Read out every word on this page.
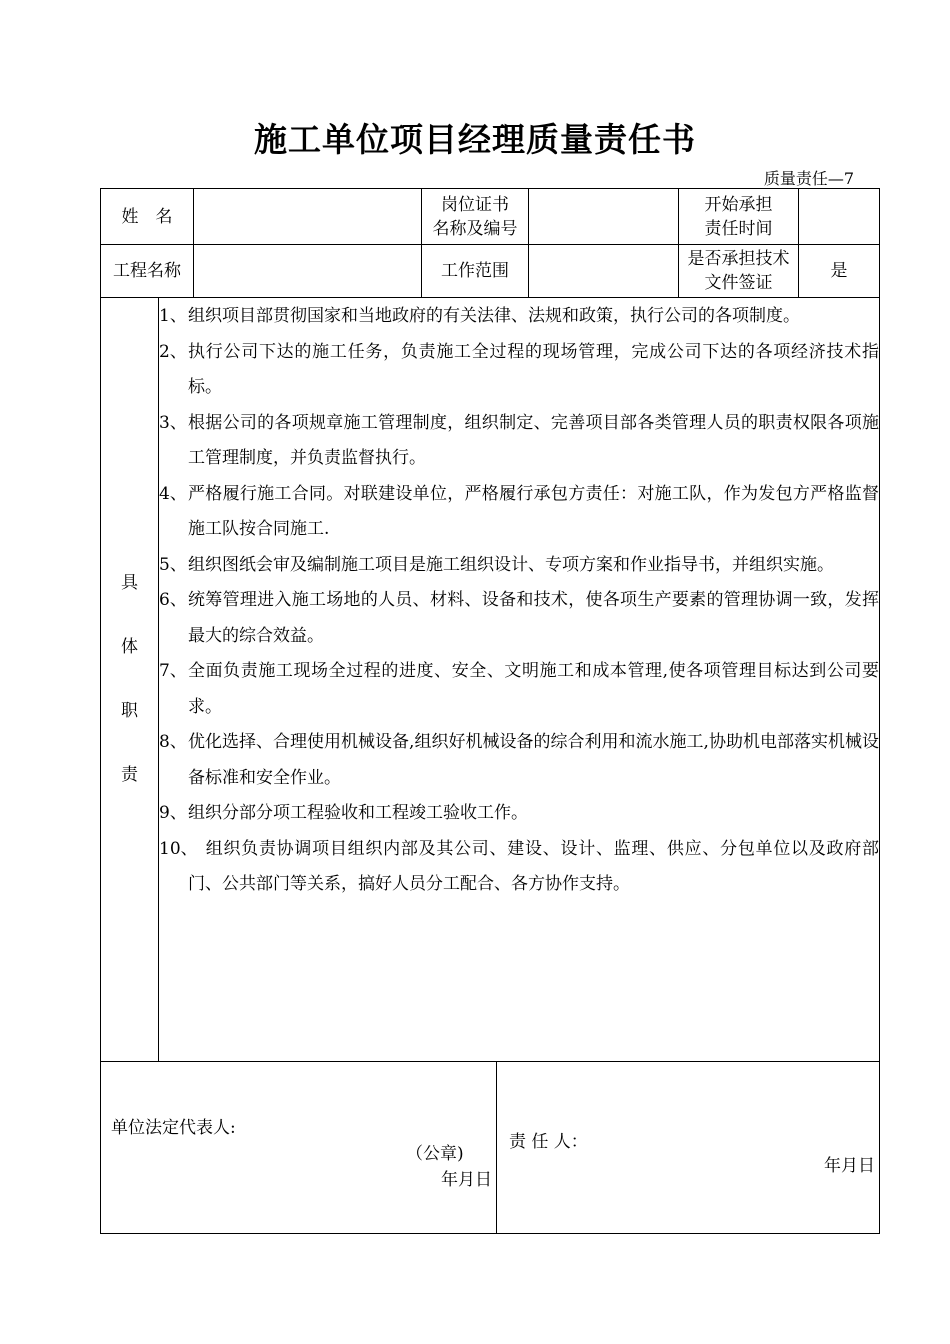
施工单位项目经理质量责任书
质量责任—7
姓　名
岗位证书
名称及编号
开始承担
责任时间
工程名称	工作范围
是否承担技术
文件签证
是
具
体
职
责
1、 组织项目部贯彻国家和当地政府的有关法律、法规和政策，执行公司的各项制度。
2、 执行公司下达的施工任务，负责施工全过程的现场管理，完成公司下达的各项经济技术指标。
3、 根据公司的各项规章施工管理制度，组织制定、完善项目部各类管理人员的职责权限各项施工管理制度，并负责监督执行。
4、 严格履行施工合同。对联建设单位，严格履行承包方责任：对施工队，作为发包方严格监督施工队按合同施工.
5、 组织图纸会审及编制施工项目是施工组织设计、专项方案和作业指导书，并组织实施。
6、 统筹管理进入施工场地的人员、材料、设备和技术，使各项生产要素的管理协调一致，发挥最大的综合效益。
7、 全面负责施工现场全过程的进度、安全、文明施工和成本管理,使各项管理目标达到公司要求。
8、 优化选择、合理使用机械设备,组织好机械设备的综合利用和流水施工,协助机电部落实机械设备标准和安全作业。
9、 组织分部分项工程验收和工程竣工验收工作。
10、
　组织负责协调项目组织内部及其公司、建设、设计、监理、供应、分包单位以及政府部门、公共部门等关系，搞好人员分工配合、各方协作支持。
单位法定代表人:
（公章)
年月日
责 任 人：
年月日
